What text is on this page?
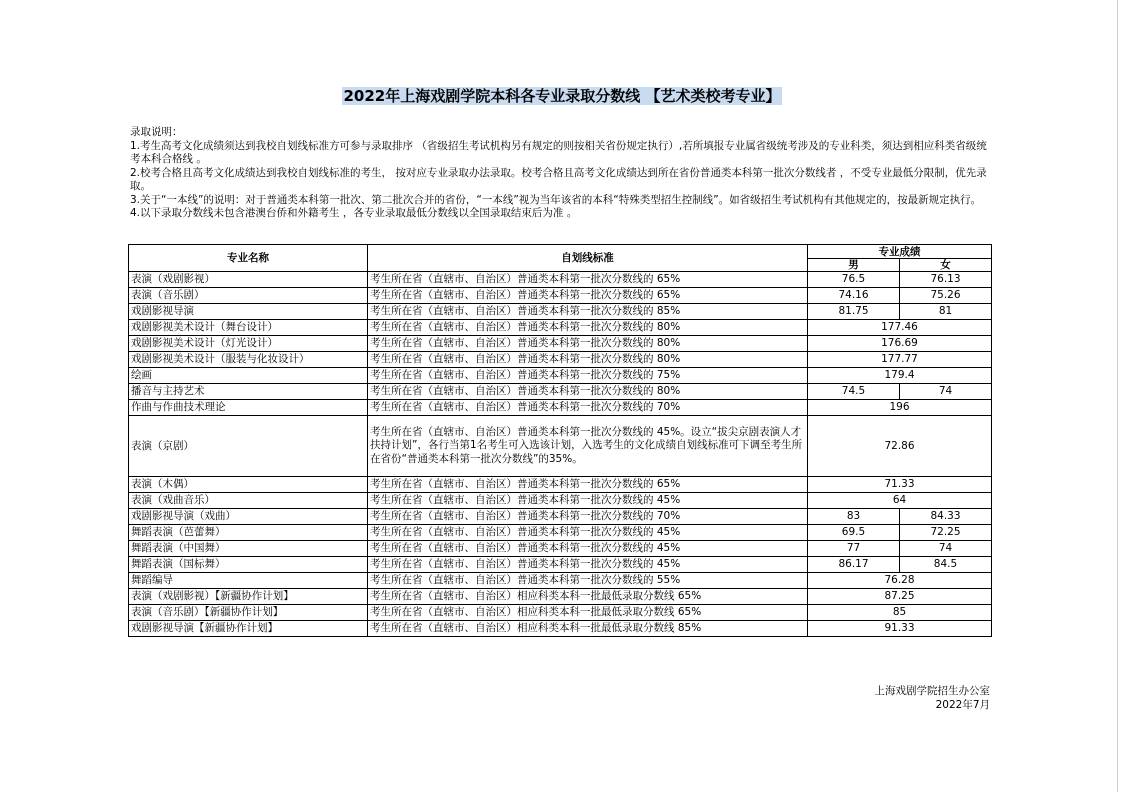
2022年上海戏剧学院本科各专业录取分数线 【艺术类校考专业】
录取说明：
1.考生高考文化成绩须达到我校自划线标准方可参与录取排序 （省级招生考试机构另有规定的则按相关省份规定执行）,若所填报专业属省级统考涉及的专业科类，须达到相应科类省级统考本科合格线 。
2.校考合格且高考文化成绩达到我校自划线标准的考生， 按对应专业录取办法录取。校考合格且高考文化成绩达到所在省份普通类本科第一批次分数线者 ，不受专业最低分限制，优先录取。
3.关于“一本线”的说明：对于普通类本科第一批次、第二批次合并的省份，“一本线”视为当年该省的本科“特殊类型招生控制线”。如省级招生考试机构有其他规定的，按最新规定执行。
4.以下录取分数线未包含港澳台侨和外籍考生 ，各专业录取最低分数线以全国录取结束后为准 。
专业名称	自划线标准	专业成绩	
		男	女
表演（戏剧影视）	考生所在省（直辖市、自治区）普通类本科第一批次分数线的 65%	76.5	76.13
表演（音乐剧）	考生所在省（直辖市、自治区）普通类本科第一批次分数线的 65%	74.16	75.26
戏剧影视导演	考生所在省（直辖市、自治区）普通类本科第一批次分数线的 85%	81.75	81
戏剧影视美术设计（舞台设计）	考生所在省（直辖市、自治区）普通类本科第一批次分数线的 80%	177.46	
戏剧影视美术设计（灯光设计）	考生所在省（直辖市、自治区）普通类本科第一批次分数线的 80%	176.69	
戏剧影视美术设计（服装与化妆设计）	考生所在省（直辖市、自治区）普通类本科第一批次分数线的 80%	177.77	
绘画	考生所在省（直辖市、自治区）普通类本科第一批次分数线的 75%	179.4	
播音与主持艺术	考生所在省（直辖市、自治区）普通类本科第一批次分数线的 80%	74.5	74
作曲与作曲技术理论	考生所在省（直辖市、自治区）普通类本科第一批次分数线的 70%	196	
表演（京剧）	考生所在省（直辖市、自治区）普通类本科第一批次分数线的 45%。设立“拔尖京剧表演人才扶持计划”，各行当第1名考生可入选该计划，入选考生的文化成绩自划线标准可下调至考生所在省份“普通类本科第一批次分数线”的35%。	72.86	
表演（木偶）	考生所在省（直辖市、自治区）普通类本科第一批次分数线的 65%	71.33	
表演（戏曲音乐）	考生所在省（直辖市、自治区）普通类本科第一批次分数线的 45%	64	
戏剧影视导演（戏曲）	考生所在省（直辖市、自治区）普通类本科第一批次分数线的 70%	83	84.33
舞蹈表演（芭蕾舞）	考生所在省（直辖市、自治区）普通类本科第一批次分数线的 45%	69.5	72.25
舞蹈表演（中国舞）	考生所在省（直辖市、自治区）普通类本科第一批次分数线的 45%	77	74
舞蹈表演（国标舞）	考生所在省（直辖市、自治区）普通类本科第一批次分数线的 45%	86.17	84.5
舞蹈编导	考生所在省（直辖市、自治区）普通类本科第一批次分数线的 55%	76.28	
表演（戏剧影视）【新疆协作计划】	考生所在省（直辖市、自治区）相应科类本科一批最低录取分数线 65%	87.25	
表演（音乐剧）【新疆协作计划】	考生所在省（直辖市、自治区）相应科类本科一批最低录取分数线 65%	85	
戏剧影视导演【新疆协作计划】	考生所在省（直辖市、自治区）相应科类本科一批最低录取分数线 85%	91.33	
上海戏剧学院招生办公室
2022年7月
